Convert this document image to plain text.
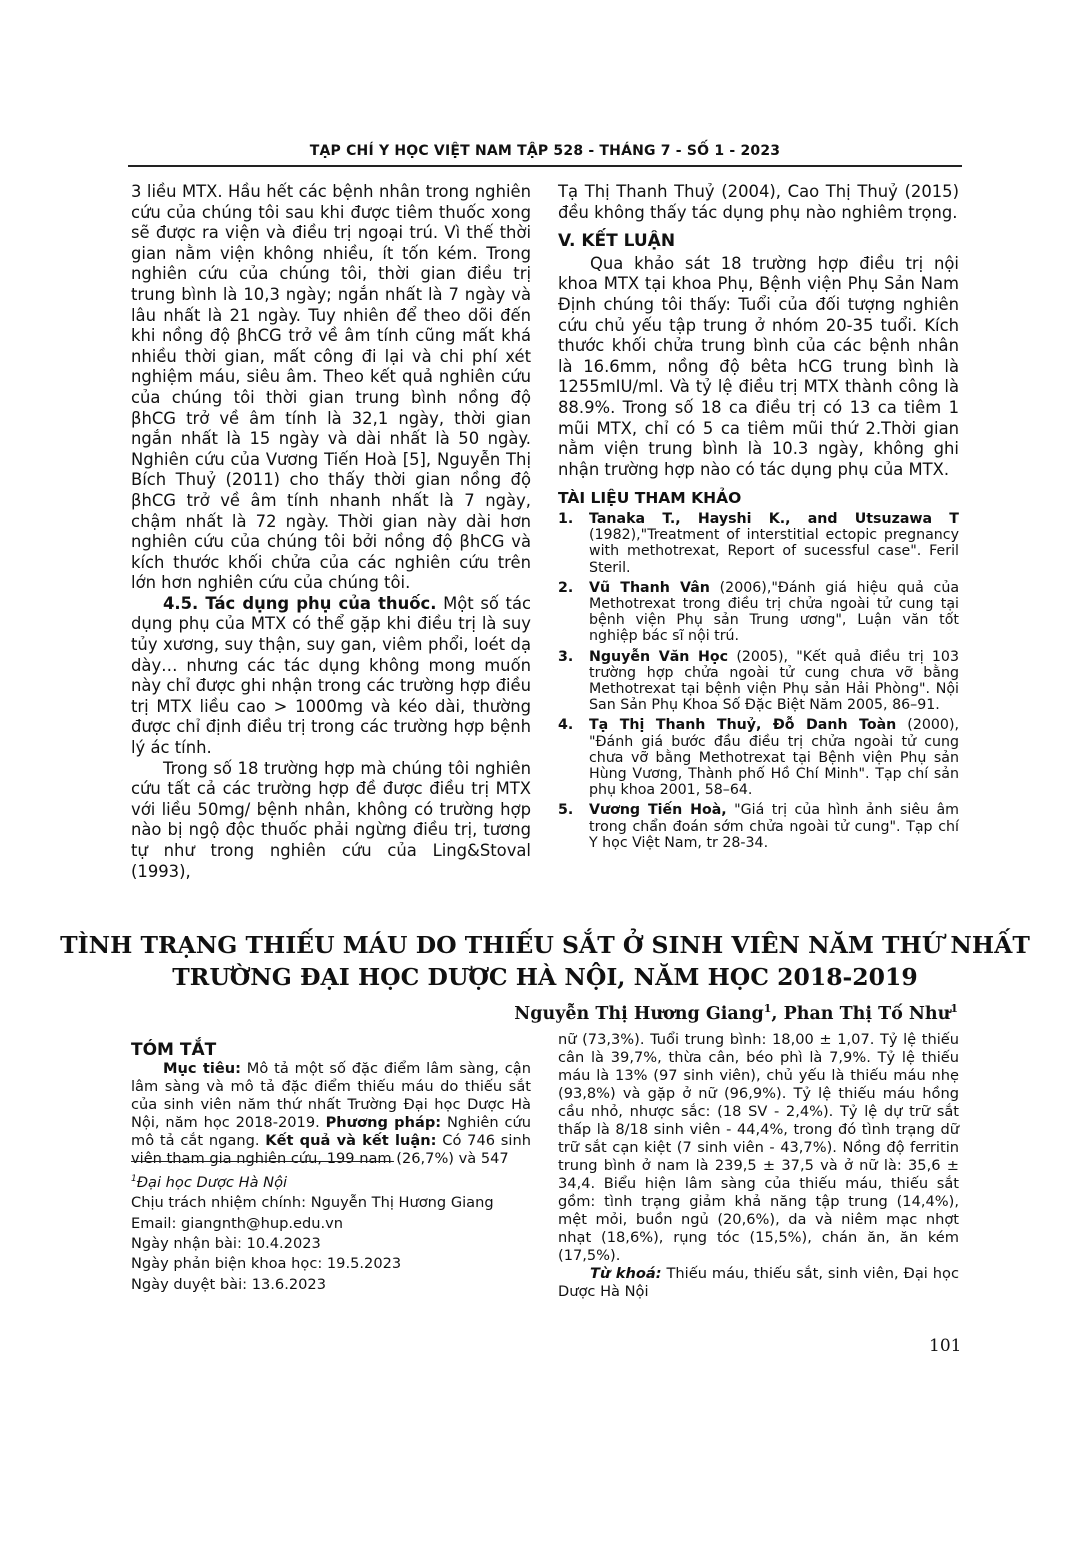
TẠP CHÍ Y HỌC VIỆT NAM TẬP 528 - THÁNG 7 - SỐ 1 - 2023

3 liều MTX. Hầu hết các bệnh nhân trong nghiên cứu của chúng tôi sau khi được tiêm thuốc xong sẽ được ra viện và điều trị ngoại trú. Vì thế thời gian nằm viện không nhiều, ít tốn kém. Trong nghiên cứu của chúng tôi, thời gian điều trị trung bình là 10,3 ngày; ngắn nhất là 7 ngày và lâu nhất là 21 ngày. Tuy nhiên để theo dõi đến khi nồng độ βhCG trở về âm tính cũng mất khá nhiều thời gian, mất công đi lại và chi phí xét nghiệm máu, siêu âm. Theo kết quả nghiên cứu của chúng tôi thời gian trung bình nồng độ βhCG trở về âm tính là 32,1 ngày, thời gian ngắn nhất là 15 ngày và dài nhất là 50 ngày. Nghiên cứu của Vương Tiến Hoà [5], Nguyễn Thị Bích Thuỷ (2011) cho thấy thời gian nồng độ βhCG trở về âm tính nhanh nhất là 7 ngày, chậm nhất là 72 ngày. Thời gian này dài hơn nghiên cứu của chúng tôi bởi nồng độ βhCG và kích thước khối chửa của các nghiên cứu trên lớn hơn nghiên cứu của chúng tôi.

4.5. Tác dụng phụ của thuốc. Một số tác dụng phụ của MTX có thể gặp khi điều trị là suy tủy xương, suy thận, suy gan, viêm phổi, loét dạ dày… nhưng các tác dụng không mong muốn này chỉ được ghi nhận trong các trường hợp điều trị MTX liều cao > 1000mg và kéo dài, thường được chỉ định điều trị trong các trường hợp bệnh lý ác tính.

Trong số 18 trường hợp mà chúng tôi nghiên cứu tất cả các trường hợp đề được điều trị MTX với liều 50mg/ bệnh nhân, không có trường hợp nào bị ngộ độc thuốc phải ngừng điều trị, tương tự như trong nghiên cứu của Ling&Stoval (1993),

Tạ Thị Thanh Thuỷ (2004), Cao Thị Thuỷ (2015) đều không thấy tác dụng phụ nào nghiêm trọng.

V. KẾT LUẬN

Qua khảo sát 18 trường hợp điều trị nội khoa MTX tại khoa Phụ, Bệnh viện Phụ Sản Nam Định chúng tôi thấy: Tuổi của đối tượng nghiên cứu chủ yếu tập trung ở nhóm 20-35 tuổi. Kích thước khối chửa trung bình của các bệnh nhân là 16.6mm, nồng độ bêta hCG trung bình là 1255mIU/ml. Và tỷ lệ điều trị MTX thành công là 88.9%. Trong số 18 ca điều trị có 13 ca tiêm 1 mũi MTX, chỉ có 5 ca tiêm mũi thứ 2.Thời gian nằm viện trung bình là 10.3 ngày, không ghi nhận trường hợp nào có tác dụng phụ của MTX.

TÀI LIỆU THAM KHẢO
1. Tanaka T., Hayshi K., and Utsuzawa T (1982),"Treatment of interstitial ectopic pregnancy with methotrexat, Report of sucessful case". Feril Steril.
2. Vũ Thanh Vân (2006),"Đánh giá hiệu quả của Methotrexat trong điều trị chửa ngoài tử cung tại bệnh viện Phụ sản Trung ương", Luận văn tốt nghiệp bác sĩ nội trú.
3. Nguyễn Văn Học (2005), "Kết quả điều trị 103 trường hợp chửa ngoài tử cung chưa vỡ bằng Methotrexat tại bệnh viện Phụ sản Hải Phòng". Nội San Sản Phụ Khoa Số Đặc Biệt Năm 2005, 86–91.
4. Tạ Thị Thanh Thuỷ, Đỗ Danh Toàn (2000), "Đánh giá bước đầu điều trị chửa ngoài tử cung chưa vỡ bằng Methotrexat tại Bệnh viện Phụ sản Hùng Vương, Thành phố Hồ Chí Minh". Tạp chí sản phụ khoa 2001, 58–64.
5. Vương Tiến Hoà, "Giá trị của hình ảnh siêu âm trong chẩn đoán sớm chửa ngoài tử cung". Tạp chí Y học Việt Nam, tr 28-34.
TÌNH TRẠNG THIẾU MÁU DO THIẾU SẮT Ở SINH VIÊN NĂM THỨ NHẤT
TRƯỜNG ĐẠI HỌC DƯỢC HÀ NỘI, NĂM HỌC 2018-2019
Nguyễn Thị Hương Giang$^1$, Phan Thị Tố Như$^1$
TÓM TẮT

Mục tiêu: Mô tả một số đặc điểm lâm sàng, cận lâm sàng và mô tả đặc điểm thiếu máu do thiếu sắt của sinh viên năm thứ nhất Trường Đại học Dược Hà Nội, năm học 2018-2019. Phương pháp: Nghiên cứu mô tả cắt ngang. Kết quả và kết luận: Có 746 sinh viên tham gia nghiên cứu, 199 nam (26,7%) và 547

nữ (73,3%). Tuổi trung bình: 18,00 ± 1,07. Tỷ lệ thiếu cân là 39,7%, thừa cân, béo phì là 7,9%. Tỷ lệ thiếu máu là 13% (97 sinh viên), chủ yếu là thiếu máu nhẹ (93,8%) và gặp ở nữ (96,9%). Tỷ lệ thiếu máu hồng cầu nhỏ, nhược sắc: (18 SV - 2,4%). Tỷ lệ dự trữ sắt thấp là 8/18 sinh viên - 44,4%, trong đó tình trạng dữ trữ sắt cạn kiệt (7 sinh viên - 43,7%). Nồng độ ferritin trung bình ở nam là 239,5 ± 37,5 và ở nữ là: 35,6 ± 34,4. Biểu hiện lâm sàng của thiếu máu, thiếu sắt gồm: tình trạng giảm khả năng tập trung (14,4%), mệt mỏi, buồn ngủ (20,6%), da và niêm mạc nhợt nhạt (18,6%), rụng tóc (15,5%), chán ăn, ăn kém (17,5%).

Từ khoá: Thiếu máu, thiếu sắt, sinh viên, Đại học Dược Hà Nội

$^1$Đại học Dược Hà Nội
Chịu trách nhiệm chính: Nguyễn Thị Hương Giang
Email: giangnth@hup.edu.vn
Ngày nhận bài: 10.4.2023
Ngày phản biện khoa học: 19.5.2023
Ngày duyệt bài: 13.6.2023
101
